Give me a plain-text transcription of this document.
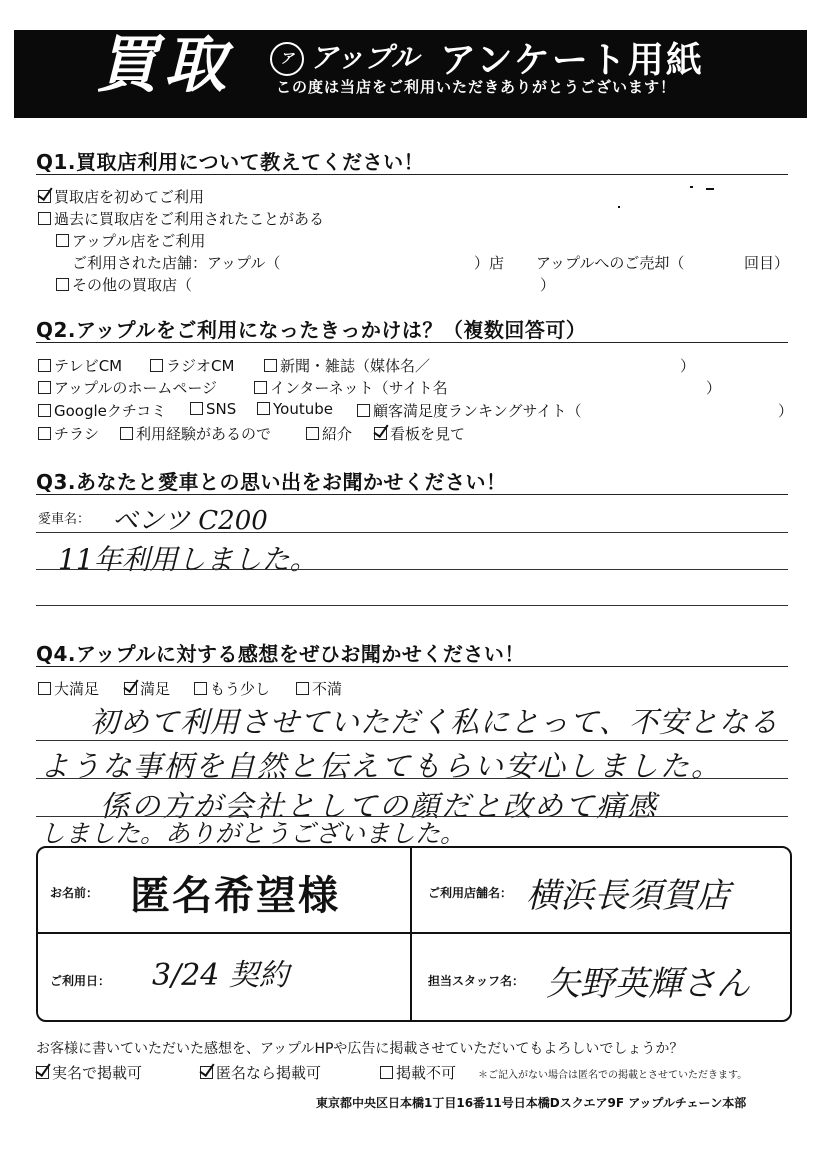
買取	ア アップル アンケート用紙
この度は当店をご利用いただきありがとうございます！
Q1.買取店利用について教えてください！
買取店を初めてご利用
過去に買取店をご利用されたことがある
アップル店をご利用
ご利用された店舗：アップル（	）店 アップルへのご売却（	回目）
その他の買取店（	）
Q2.アップルをご利用になったきっかけは？（複数回答可）
テレビCM	ラジオCM	新聞・雑誌（媒体名／	）
アップルのホームページ	インターネット（サイト名	）
Googleクチコミ	SNS	Youtube	顧客満足度ランキングサイト（	）
チラシ	利用経験があるので	紹介	看板を見て
Q3.あなたと愛車との思い出をお聞かせください！
愛車名： ベンツ C200
11年利用しました。
Q4.アップルに対する感想をぜひお聞かせください！
大満足	満足	もう少し	不満
初めて利用させていただく私にとって、不安となる
ような事柄を自然と伝えてもらい安心しました。
係の方が会社としての顔だと改めて痛感
しました。ありがとうございました。
お名前： 匿名希望様	ご利用店舗名： 横浜長須賀店
ご利用日： 3/24 契約	担当スタッフ名： 矢野英輝さん
お客様に書いていただいた感想を、アップルHPや広告に掲載させていただいてもよろしいでしょうか？
実名で掲載可	匿名なら掲載可	掲載不可 ＊ご記入がない場合は匿名での掲載とさせていただきます。
東京都中央区日本橋1丁目16番11号日本橋Dスクエア9F アップルチェーン本部
